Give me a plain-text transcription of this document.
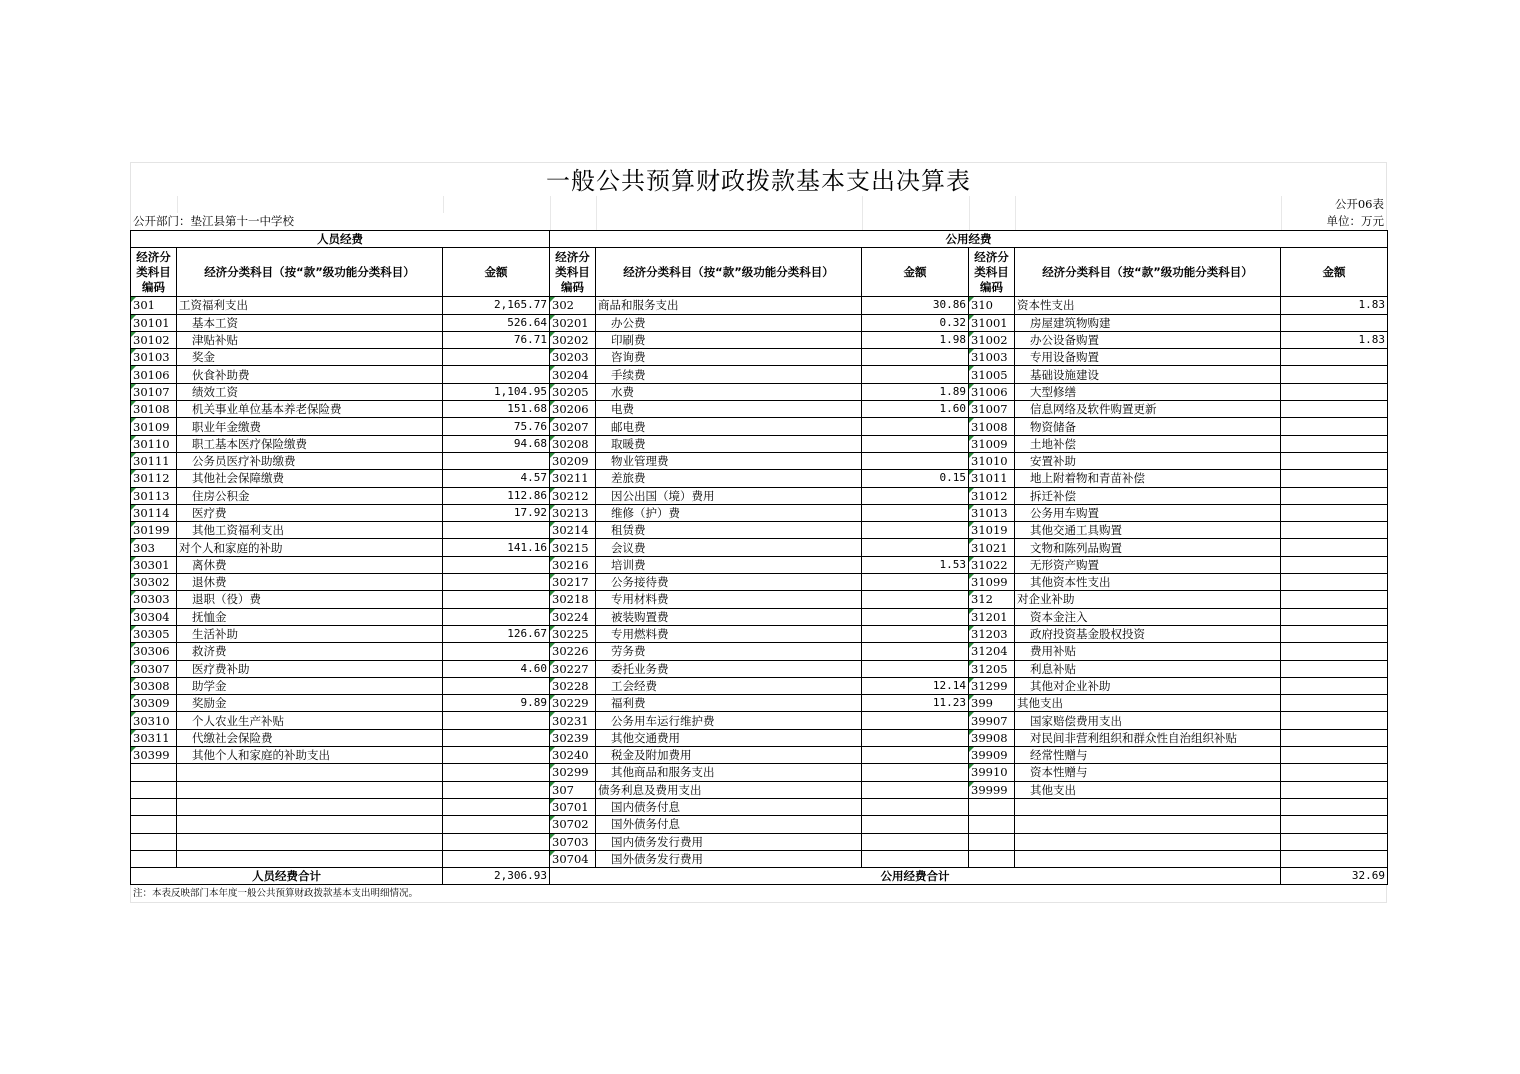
一般公共预算财政拨款基本支出决算表
公开06表
公开部门：垫江县第十一中学校	单位：万元
人员经费			公用经费					
经济分类科目编码	经济分类科目（按“款”级功能分类科目）	金额	经济分类科目编码	经济分类科目（按“款”级功能分类科目）	金额	经济分类科目编码	经济分类科目（按“款”级功能分类科目）	金额
301	工资福利支出	2,165.77	302	商品和服务支出	30.86	310	资本性支出	1.83
30101	基本工资	526.64	30201	办公费	0.32	31001	房屋建筑物购建	
30102	津贴补贴	76.71	30202	印刷费	1.98	31002	办公设备购置	1.83
30103	奖金		30203	咨询费		31003	专用设备购置	
30106	伙食补助费		30204	手续费		31005	基础设施建设	
30107	绩效工资	1,104.95	30205	水费	1.89	31006	大型修缮	
30108	机关事业单位基本养老保险费	151.68	30206	电费	1.60	31007	信息网络及软件购置更新	
30109	职业年金缴费	75.76	30207	邮电费		31008	物资储备	
30110	职工基本医疗保险缴费	94.68	30208	取暖费		31009	土地补偿	
30111	公务员医疗补助缴费		30209	物业管理费		31010	安置补助	
30112	其他社会保障缴费	4.57	30211	差旅费	0.15	31011	地上附着物和青苗补偿	
30113	住房公积金	112.86	30212	因公出国（境）费用		31012	拆迁补偿	
30114	医疗费	17.92	30213	维修（护）费		31013	公务用车购置	
30199	其他工资福利支出		30214	租赁费		31019	其他交通工具购置	
303	对个人和家庭的补助	141.16	30215	会议费		31021	文物和陈列品购置	
30301	离休费		30216	培训费	1.53	31022	无形资产购置	
30302	退休费		30217	公务接待费		31099	其他资本性支出	
30303	退职（役）费		30218	专用材料费		312	对企业补助	
30304	抚恤金		30224	被装购置费		31201	资本金注入	
30305	生活补助	126.67	30225	专用燃料费		31203	政府投资基金股权投资	
30306	救济费		30226	劳务费		31204	费用补贴	
30307	医疗费补助	4.60	30227	委托业务费		31205	利息补贴	
30308	助学金		30228	工会经费	12.14	31299	其他对企业补助	
30309	奖励金	9.89	30229	福利费	11.23	399	其他支出	
30310	个人农业生产补贴		30231	公务用车运行维护费		39907	国家赔偿费用支出	
30311	代缴社会保险费		30239	其他交通费用		39908	对民间非营利组织和群众性自治组织补贴	
30399	其他个人和家庭的补助支出		30240	税金及附加费用		39909	经常性赠与	
			30299	其他商品和服务支出		39910	资本性赠与	
			307	债务利息及费用支出		39999	其他支出	
			30701	国内债务付息				
			30702	国外债务付息				
			30703	国内债务发行费用				
			30704	国外债务发行费用				
人员经费合计		2,306.93	公用经费合计					32.69
注：本表反映部门本年度一般公共预算财政拨款基本支出明细情况。
